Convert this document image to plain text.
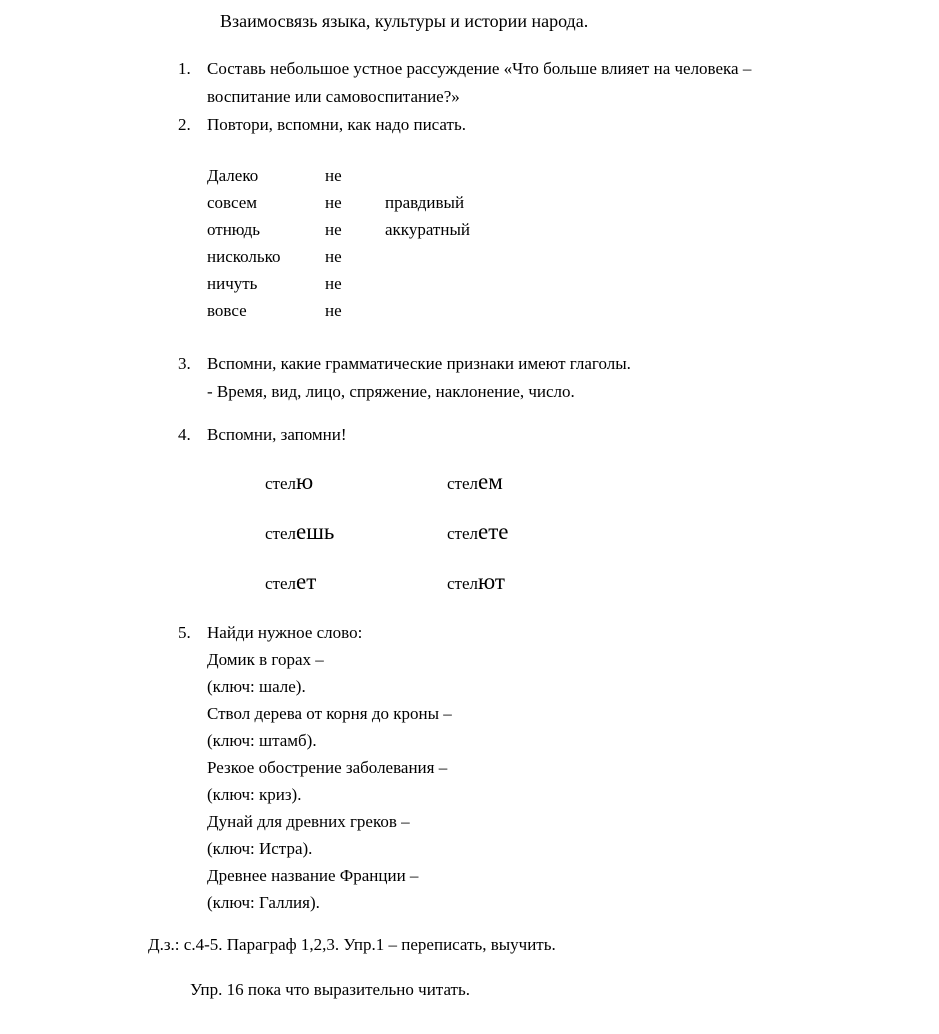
Взаимосвязь языка, культуры и истории народа.
1. Составь небольшое устное рассуждение «Что больше влияет на человека –
воспитание или самовоспитание?»
2. Повтори, вспомни, как надо писать.
Далеко	не
совсем	не	правдивый
отнюдь	не	аккуратный
нисколько	не
ничуть	не
вовсе	не
3. Вспомни, какие грамматические признаки имеют глаголы.
- Время, вид, лицо, спряжение, наклонение, число.
4. Вспомни, запомни!
стелю	стелем
стелешь	стелете
стелет	стелют
5. Найди нужное слово:
Домик в горах –
(ключ: шале).
Ствол дерева от корня до кроны –
(ключ: штамб).
Резкое обострение заболевания –
(ключ: криз).
Дунай для древних греков –
(ключ: Истра).
Древнее название Франции –
(ключ: Галлия).
Д.з.: с.4-5. Параграф 1,2,3. Упр.1 – переписать, выучить.
Упр. 16 пока что выразительно читать.
